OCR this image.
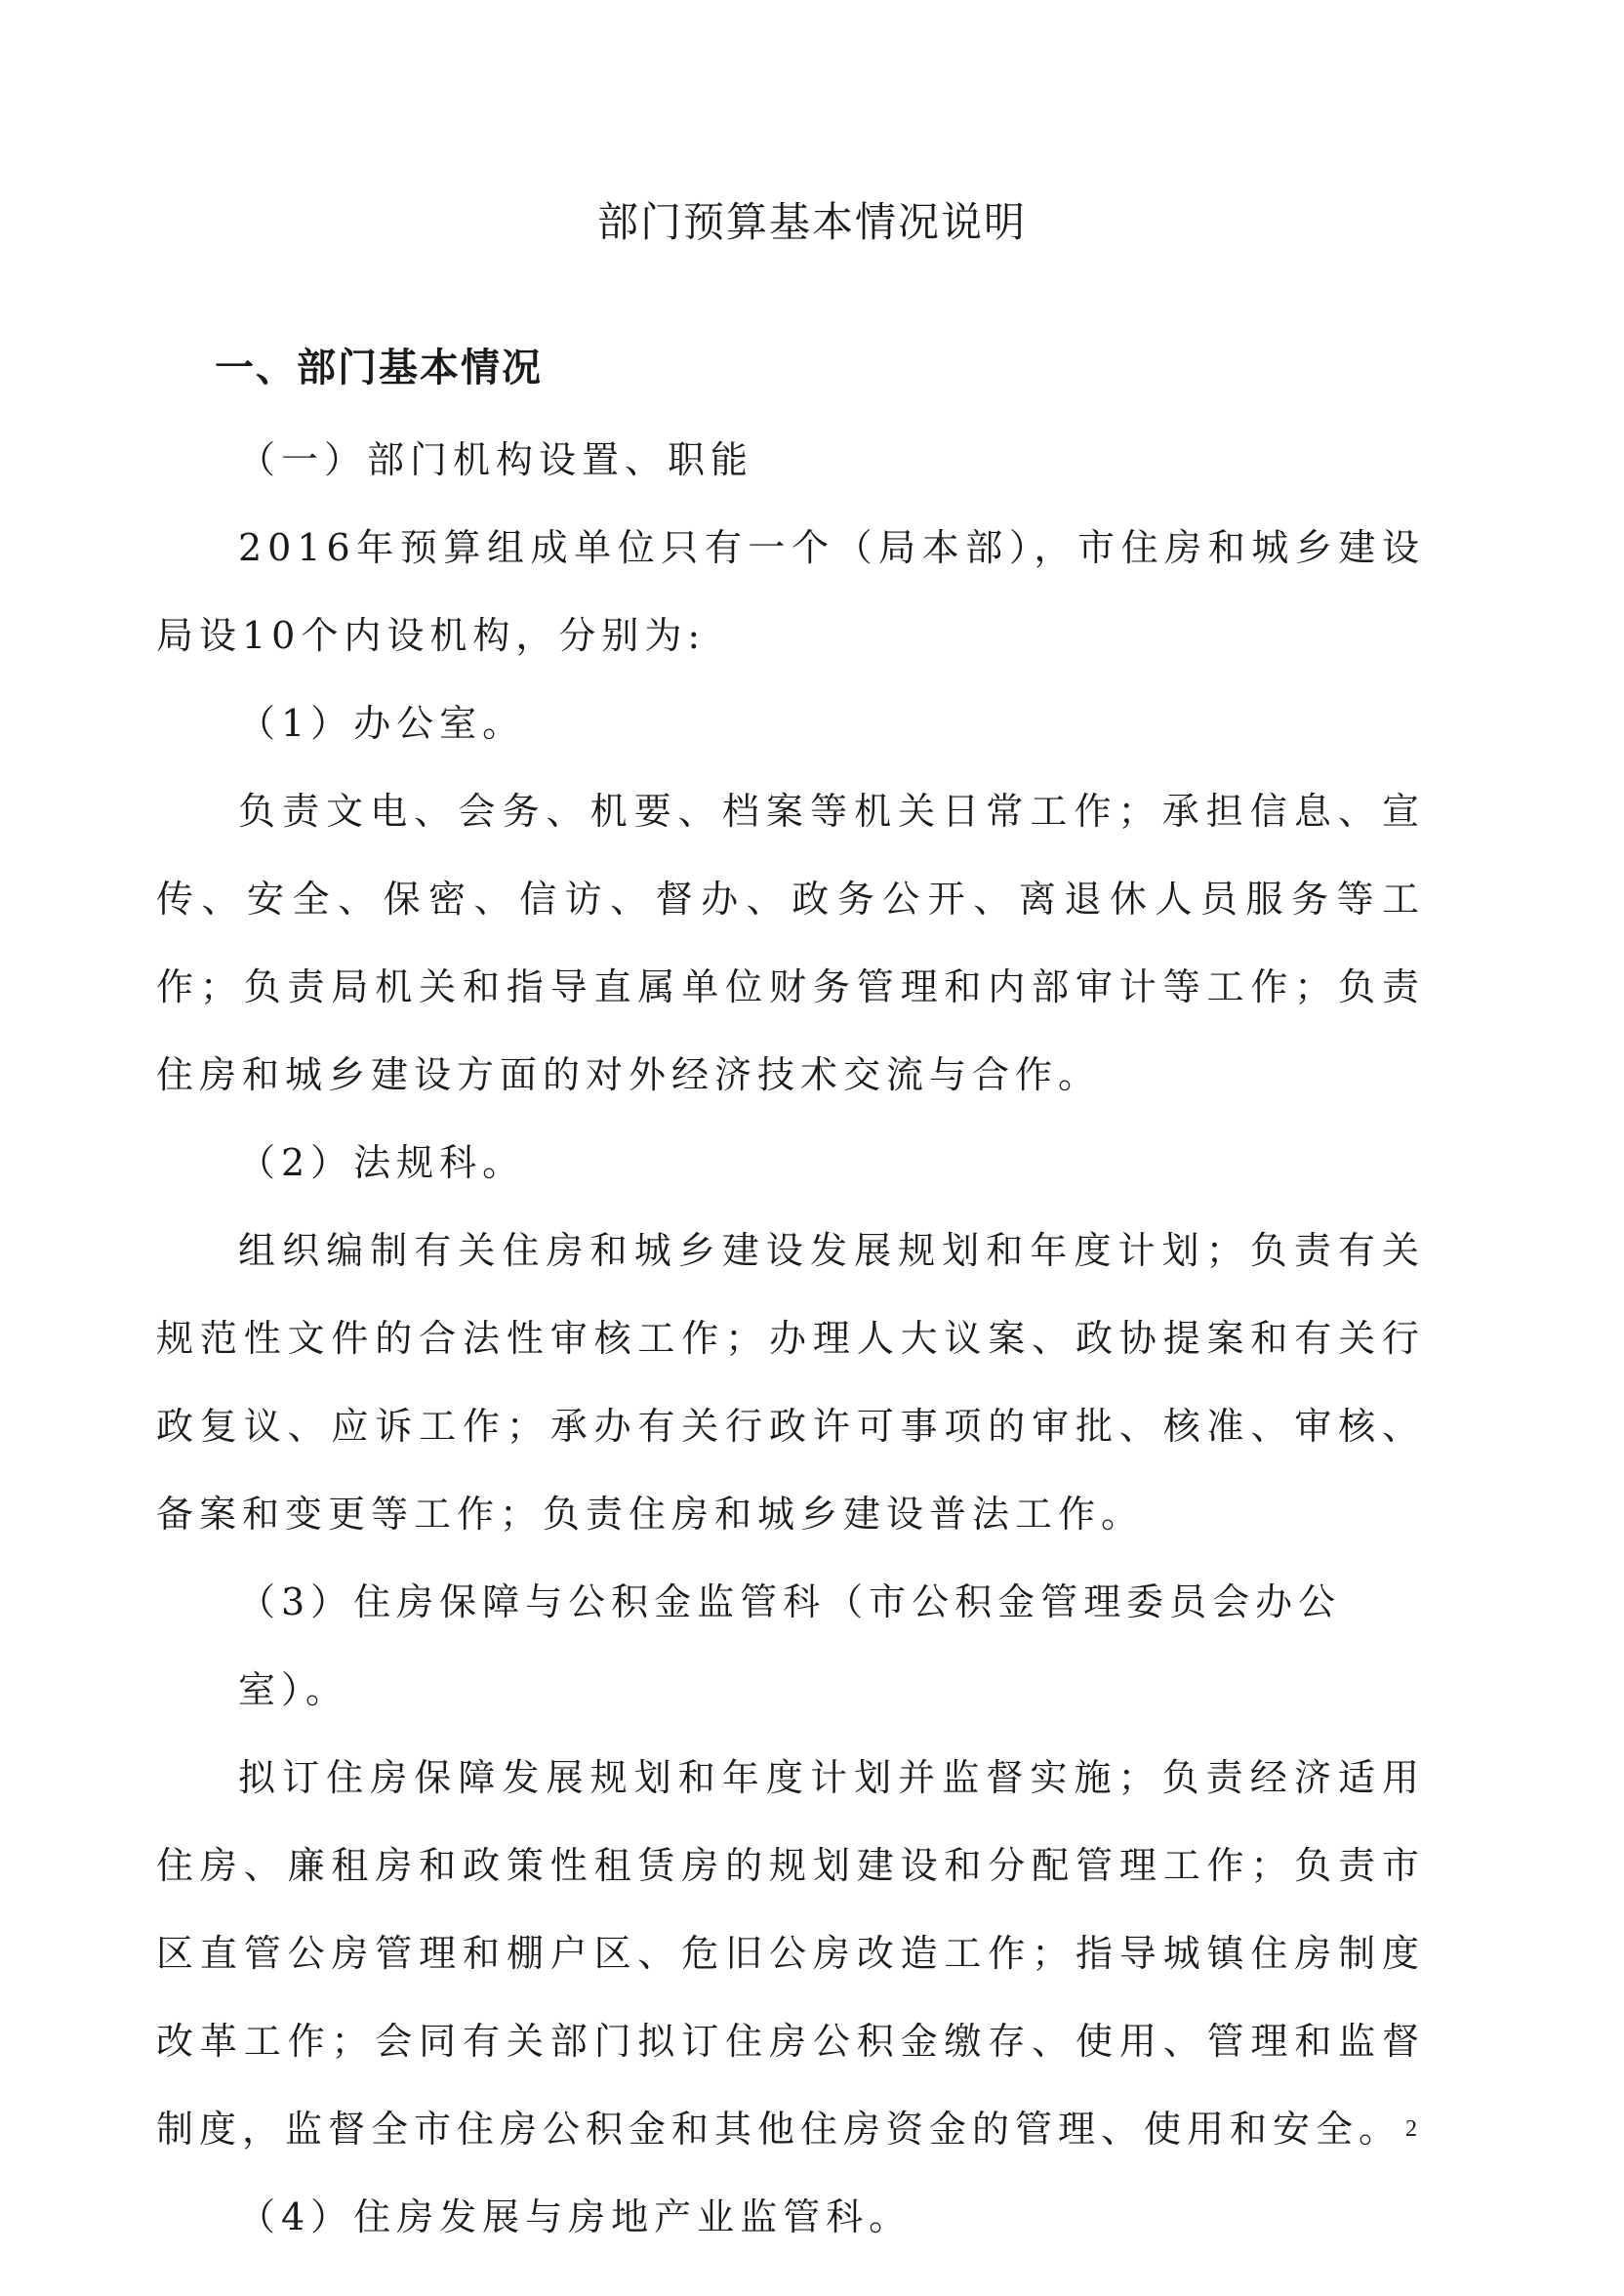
部门预算基本情况说明
一、部门基本情况

（一）部门机构设置、职能

2016年预算组成单位只有一个（局本部），市住房和城乡建设局设10个内设机构，分别为:

（1）办公室。

负责文电、会务、机要、档案等机关日常工作；承担信息、宣传、安全、保密、信访、督办、政务公开、离退休人员服务等工作；负责局机关和指导直属单位财务管理和内部审计等工作；负责住房和城乡建设方面的对外经济技术交流与合作。

（2）法规科。

组织编制有关住房和城乡建设发展规划和年度计划；负责有关规范性文件的合法性审核工作；办理人大议案、政协提案和有关行政复议、应诉工作；承办有关行政许可事项的审批、核准、审核、备案和变更等工作；负责住房和城乡建设普法工作。

（3）住房保障与公积金监管科（市公积金管理委员会办公室）。

拟订住房保障发展规划和年度计划并监督实施；负责经济适用住房、廉租房和政策性租赁房的规划建设和分配管理工作；负责市区直管公房管理和棚户区、危旧公房改造工作；指导城镇住房制度改革工作；会同有关部门拟订住房公积金缴存、使用、管理和监督制度，监督全市住房公积金和其他住房资金的管理、使用和安全。

（4）住房发展与房地产业监管科。

2
